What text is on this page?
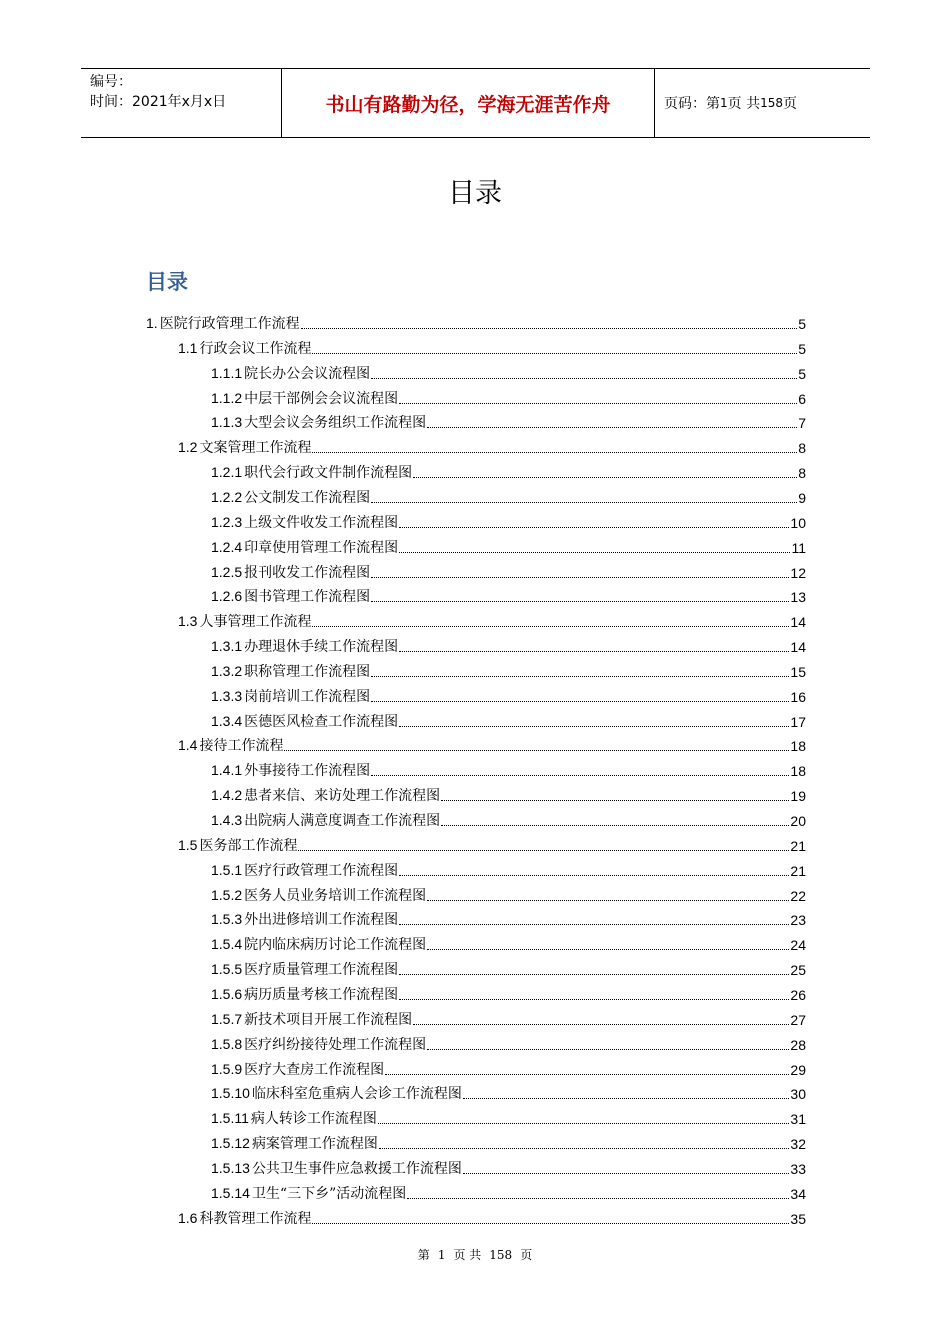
编号：
时间：2021年x月x日	书山有路勤为径，学海无涯苦作舟	页码：第 1 页 共 158 页
目录
目录
1. 医院行政管理工作流程	5
1.1 行政会议工作流程	5
1.1.1 院长办公会议流程图	5
1.1.2 中层干部例会会议流程图	6
1.1.3 大型会议会务组织工作流程图	7
1.2 文案管理工作流程	8
1.2.1 职代会行政文件制作流程图	8
1.2.2 公文制发工作流程图	9
1.2.3 上级文件收发工作流程图	10
1.2.4 印章使用管理工作流程图	11
1.2.5 报刊收发工作流程图	12
1.2.6 图书管理工作流程图	13
1.3 人事管理工作流程	14
1.3.1 办理退休手续工作流程图	14
1.3.2 职称管理工作流程图	15
1.3.3 岗前培训工作流程图	16
1.3.4 医德医风检查工作流程图	17
1.4 接待工作流程	18
1.4.1 外事接待工作流程图	18
1.4.2 患者来信、来访处理工作流程图	19
1.4.3 出院病人满意度调查工作流程图	20
1.5 医务部工作流程	21
1.5.1 医疗行政管理工作流程图	21
1.5.2 医务人员业务培训工作流程图	22
1.5.3 外出进修培训工作流程图	23
1.5.4 院内临床病历讨论工作流程图	24
1.5.5 医疗质量管理工作流程图	25
1.5.6 病历质量考核工作流程图	26
1.5.7 新技术项目开展工作流程图	27
1.5.8 医疗纠纷接待处理工作流程图	28
1.5.9 医疗大查房工作流程图	29
1.5.10 临床科室危重病人会诊工作流程图	30
1.5.11 病人转诊工作流程图	31
1.5.12 病案管理工作流程图	32
1.5.13 公共卫生事件应急救援工作流程图	33
1.5.14 卫生“三下乡”活动流程图	34
1.6 科教管理工作流程	35
第 1 页 共 158 页
